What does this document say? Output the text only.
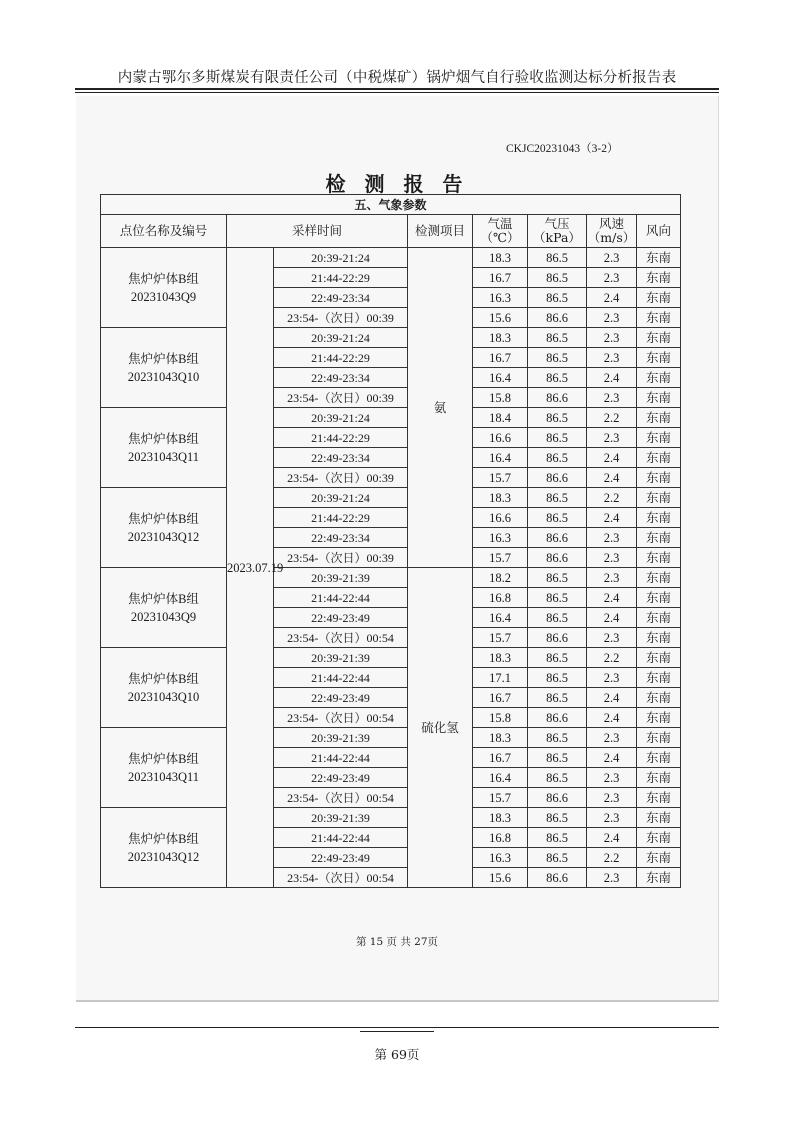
内蒙古鄂尔多斯煤炭有限责任公司（中税煤矿）锅炉烟气自行验收监测达标分析报告表
CKJC20231043（3-2）
检 测 报 告
五、气象参数							
点位名称及编号	采样时间		检测项目	气温（℃）	气压（kPa）	风速（m/s）	风向
焦炉炉体B组
20231043Q9	2023.07.19	20:39-21:24	氨	18.3	86.5	2.3	东南
		21:44-22:29		16.7	86.5	2.3	东南
		22:49-23:34		16.3	86.5	2.4	东南
		23:54-（次日）00:39		15.6	86.6	2.3	东南
焦炉炉体B组
20231043Q10		20:39-21:24		18.3	86.5	2.3	东南
		21:44-22:29		16.7	86.5	2.3	东南
		22:49-23:34		16.4	86.5	2.4	东南
		23:54-（次日）00:39		15.8	86.6	2.3	东南
焦炉炉体B组
20231043Q11		20:39-21:24		18.4	86.5	2.2	东南
		21:44-22:29		16.6	86.5	2.3	东南
		22:49-23:34		16.4	86.5	2.4	东南
		23:54-（次日）00:39		15.7	86.6	2.4	东南
焦炉炉体B组
20231043Q12		20:39-21:24		18.3	86.5	2.2	东南
		21:44-22:29		16.6	86.5	2.4	东南
		22:49-23:34		16.3	86.6	2.3	东南
		23:54-（次日）00:39		15.7	86.6	2.3	东南
焦炉炉体B组
20231043Q9		20:39-21:39	硫化氢	18.2	86.5	2.3	东南
		21:44-22:44		16.8	86.5	2.4	东南
		22:49-23:49		16.4	86.5	2.4	东南
		23:54-（次日）00:54		15.7	86.6	2.3	东南
焦炉炉体B组
20231043Q10		20:39-21:39		18.3	86.5	2.2	东南
		21:44-22:44		17.1	86.5	2.3	东南
		22:49-23:49		16.7	86.5	2.4	东南
		23:54-（次日）00:54		15.8	86.6	2.4	东南
焦炉炉体B组
20231043Q11		20:39-21:39		18.3	86.5	2.3	东南
		21:44-22:44		16.7	86.5	2.4	东南
		22:49-23:49		16.4	86.5	2.3	东南
		23:54-（次日）00:54		15.7	86.6	2.3	东南
焦炉炉体B组
20231043Q12		20:39-21:39		18.3	86.5	2.3	东南
		21:44-22:44		16.8	86.5	2.4	东南
		22:49-23:49		16.3	86.5	2.2	东南
		23:54-（次日）00:54		15.6	86.6	2.3	东南
第 15 页 共 27页
第 69页
